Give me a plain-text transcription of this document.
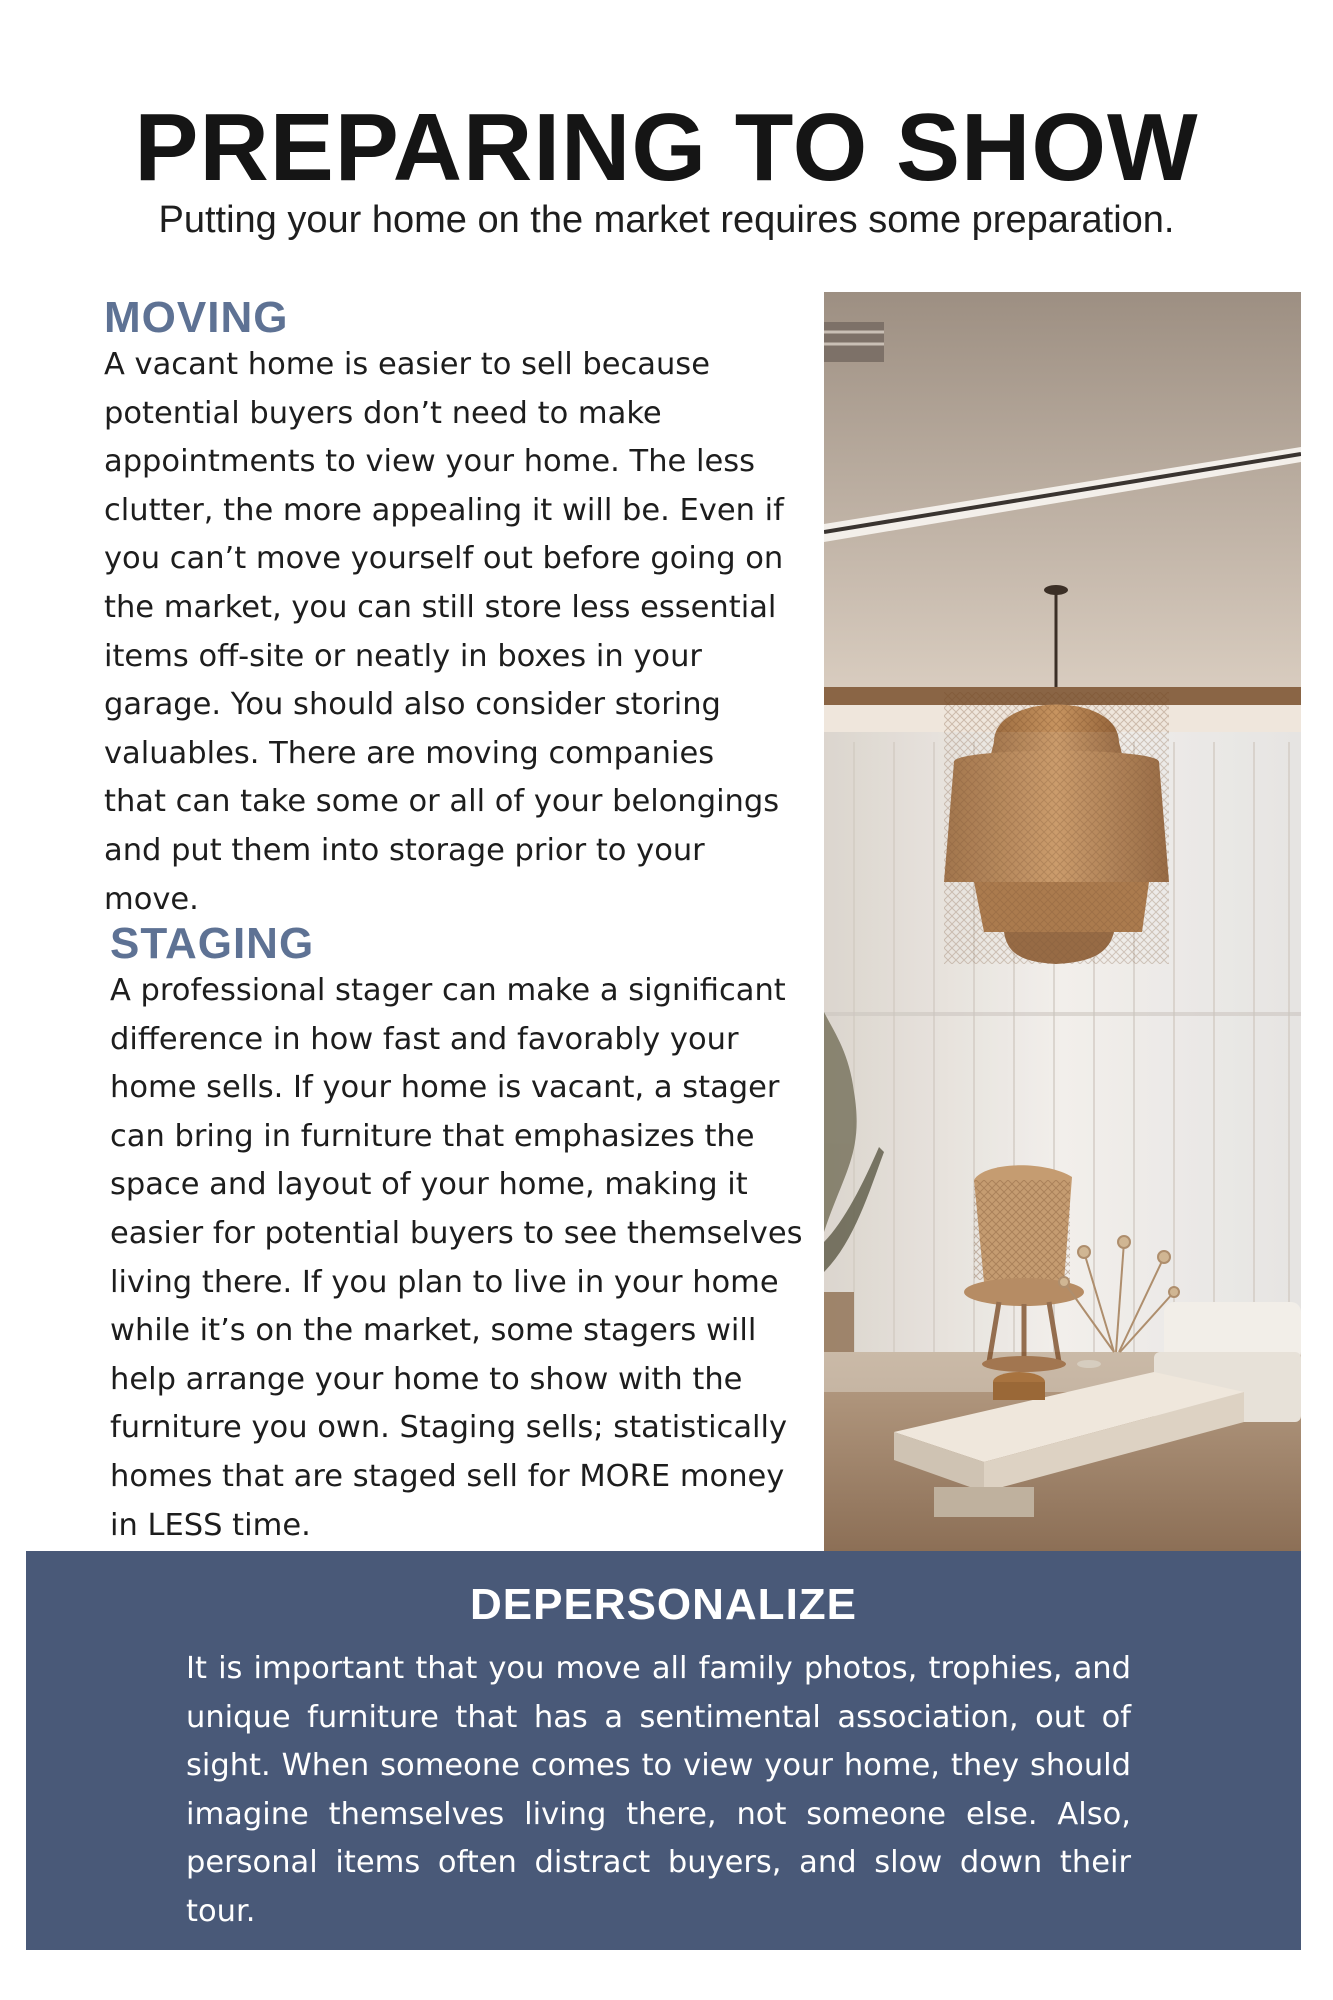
PREPARING TO SHOW
Putting your home on the market requires some preparation.
MOVING

A vacant home is easier to sell because potential buyers don’t need to make appointments to view your home. The less clutter, the more appealing it will be. Even if you can’t move yourself out before going on the market, you can still store less essential items off-site or neatly in boxes in your garage. You should also consider storing valuables. There are moving companies that can take some or all of your belongings and put them into storage prior to your move.

STAGING

A professional stager can make a significant difference in how fast and favorably your home sells. If your home is vacant, a stager can bring in furniture that emphasizes the space and layout of your home, making it easier for potential buyers to see themselves living there. If you plan to live in your home while it’s on the market, some stagers will help arrange your home to show with the furniture you own. Staging sells; statistically homes that are staged sell for MORE money in LESS time.

DEPERSONALIZE

It is important that you move all family photos, trophies, and unique furniture that has a sentimental association, out of sight. When someone comes to view your home, they should imagine themselves living there, not someone else. Also, personal items often distract buyers, and slow down their tour.
